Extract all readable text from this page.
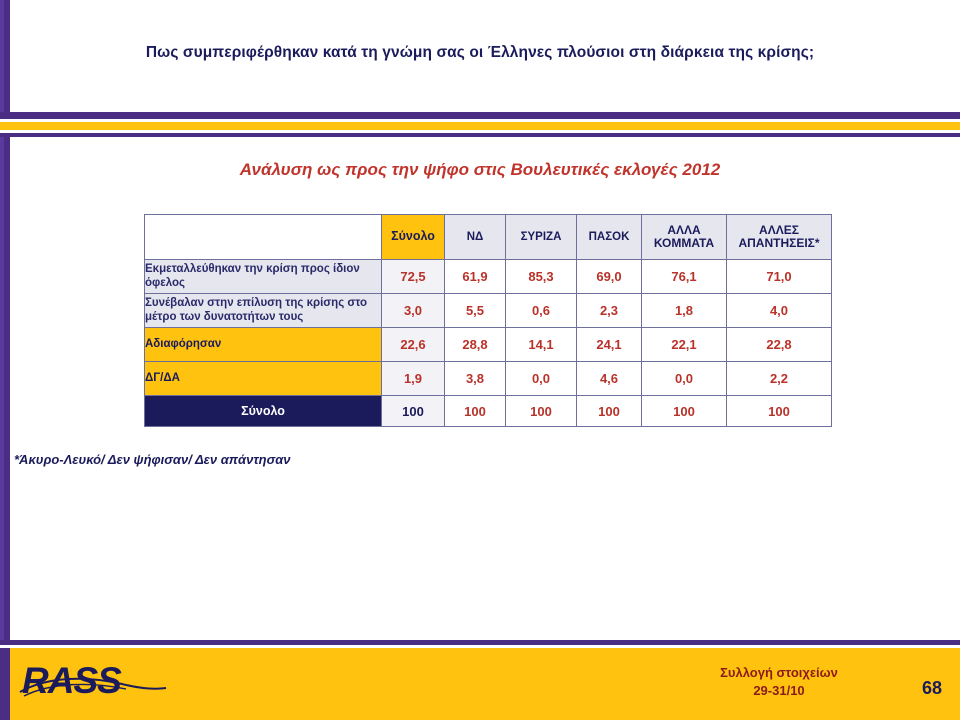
Πως συμπεριφέρθηκαν κατά τη γνώμη σας οι Έλληνες πλούσιοι στη διάρκεια της κρίσης;
Ανάλυση ως προς την ψήφο στις Βουλευτικές εκλογές 2012
	Σύνολο	ΝΔ	ΣΥΡΙΖΑ	ΠΑΣΟΚ	ΑΛΛΑ ΚΟΜΜΑΤΑ	ΑΛΛΕΣ ΑΠΑΝΤΗΣΕΙΣ*
Εκμεταλλεύθηκαν την κρίση προς ίδιον όφελος	72,5	61,9	85,3	69,0	76,1	71,0
Συνέβαλαν στην επίλυση της κρίσης στο μέτρο των δυνατοτήτων τους	3,0	5,5	0,6	2,3	1,8	4,0
Αδιαφόρησαν	22,6	28,8	14,1	24,1	22,1	22,8
ΔΓ/ΔΑ	1,9	3,8	0,0	4,6	0,0	2,2
Σύνολο	100	100	100	100	100	100
*Άκυρο-Λευκό/ Δεν ψήφισαν/ Δεν απάντησαν
RASS	Συλλογή στοιχείων
29-31/10	68
